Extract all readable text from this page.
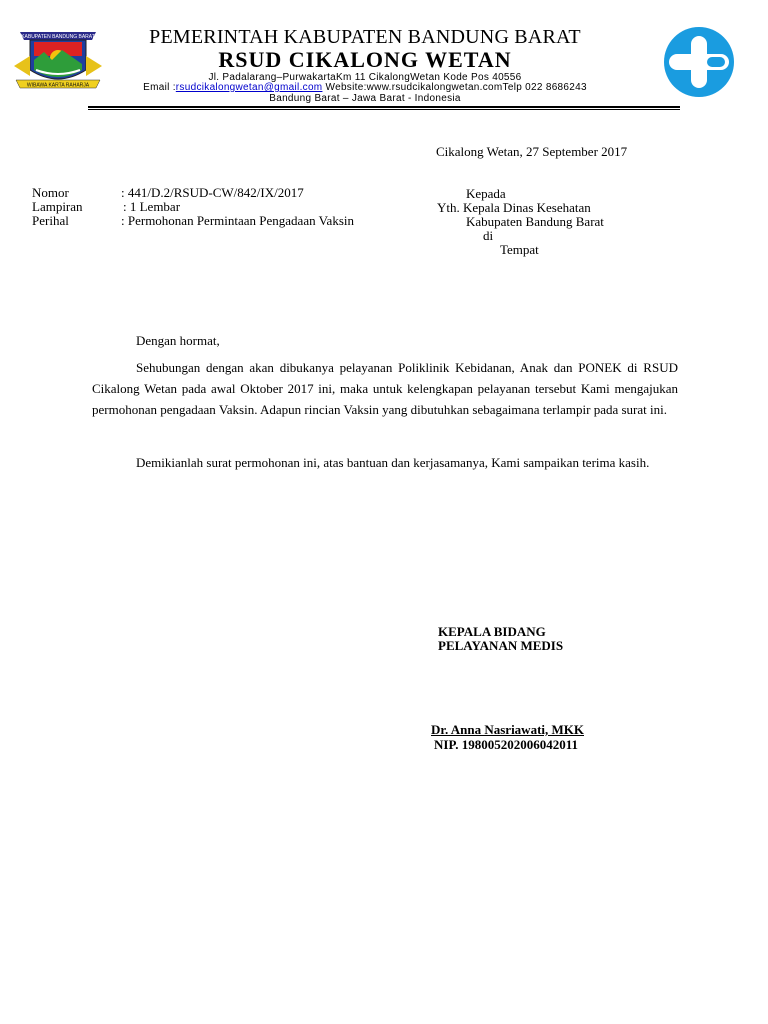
KABUPATEN BANDUNG BARAT
WIBAWA KARTA RAHARJA
PEMERINTAH KABUPATEN BANDUNG BARAT
RSUD CIKALONG WETAN
Jl. Padalarang–PurwakartaKm 11 CikalongWetan Kode Pos 40556
Email :rsudcikalongwetan@gmail.com Website:www.rsudcikalongwetan.comTelp 022 8686243
Bandung Barat – Jawa Barat - Indonesia
Cikalong Wetan, 27 September 2017
Nomor	: 441/D.2/RSUD-CW/842/IX/2017
Lampiran	: 1 Lembar
Perihal	: Permohonan Permintaan Pengadaan Vaksin
Kepada
Yth. Kepala Dinas Kesehatan
Kabupaten Bandung Barat
di
Tempat
Dengan hormat,
Sehubungan dengan akan dibukanya pelayanan Poliklinik Kebidanan, Anak dan PONEK di RSUD Cikalong Wetan pada awal Oktober 2017 ini, maka untuk kelengkapan pelayanan tersebut Kami mengajukan permohonan pengadaan Vaksin. Adapun rincian Vaksin yang dibutuhkan sebagaimana terlampir pada surat ini.
Demikianlah surat permohonan ini, atas bantuan dan kerjasamanya, Kami sampaikan terima kasih.
KEPALA BIDANG
PELAYANAN MEDIS
Dr. Anna Nasriawati, MKK
NIP. 198005202006042011
